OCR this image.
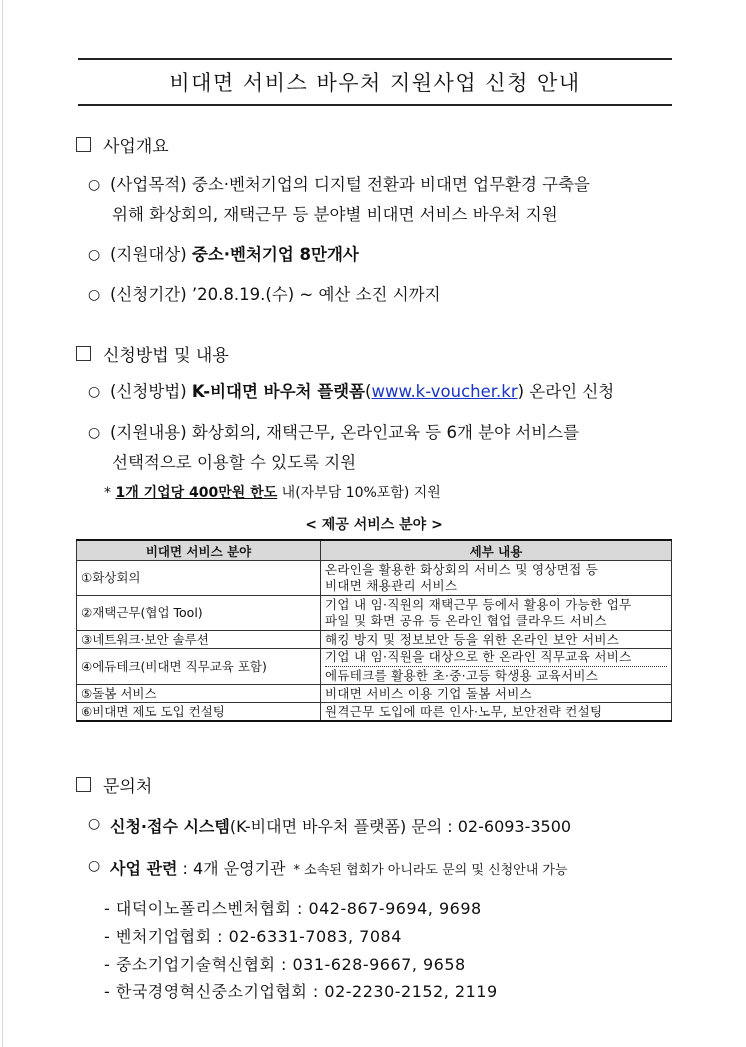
비대면 서비스 바우처 지원사업 신청 안내
사업개요
○ (사업목적) 중소·벤처기업의 디지털 전환과 비대면 업무환경 구축을
위해 화상회의, 재택근무 등 분야별 비대면 서비스 바우처 지원
○ (지원대상) 중소·벤처기업 8만개사
○ (신청기간) ’20.8.19.(수) ~ 예산 소진 시까지
신청방법 및 내용
○ (신청방법) K-비대면 바우처 플랫폼(www.k-voucher.kr) 온라인 신청
○ (지원내용) 화상회의, 재택근무, 온라인교육 등 6개 분야 서비스를
선택적으로 이용할 수 있도록 지원
* 1개 기업당 400만원 한도 내(자부담 10%포함) 지원
< 제공 서비스 분야 >
비대면 서비스 분야	세부 내용
①화상회의	온라인을 활용한 화상회의 서비스 및 영상면접 등
비대면 채용관리 서비스

②재택근무(협업 Tool)	기업 내 임·직원의 재택근무 등에서 활용이 가능한 업무
파일 및 화면 공유 등 온라인 협업 클라우드 서비스

③네트워크·보안 솔루션	해킹 방지 및 정보보안 등을 위한 온라인 보안 서비스
④에듀테크(비대면 직무교육 포함)	기업 내 임·직원을 대상으로 한 온라인 직무교육 서비스
에듀테크를 활용한 초·중·고등 학생용 교육서비스

⑤돌봄 서비스	비대면 서비스 이용 기업 돌봄 서비스
⑥비대면 제도 도입 컨설팅	원격근무 도입에 따른 인사·노무, 보안전략 컨설팅
문의처
○ 신청·접수 시스템(K-비대면 바우처 플랫폼) 문의 : 02-6093-3500
○ 사업 관련 : 4개 운영기관 * 소속된 협회가 아니라도 문의 및 신청안내 가능
- 대덕이노폴리스벤처협회 : 042-867-9694, 9698
- 벤처기업협회 : 02-6331-7083, 7084
- 중소기업기술혁신협회 : 031-628-9667, 9658
- 한국경영혁신중소기업협회 : 02-2230-2152, 2119
